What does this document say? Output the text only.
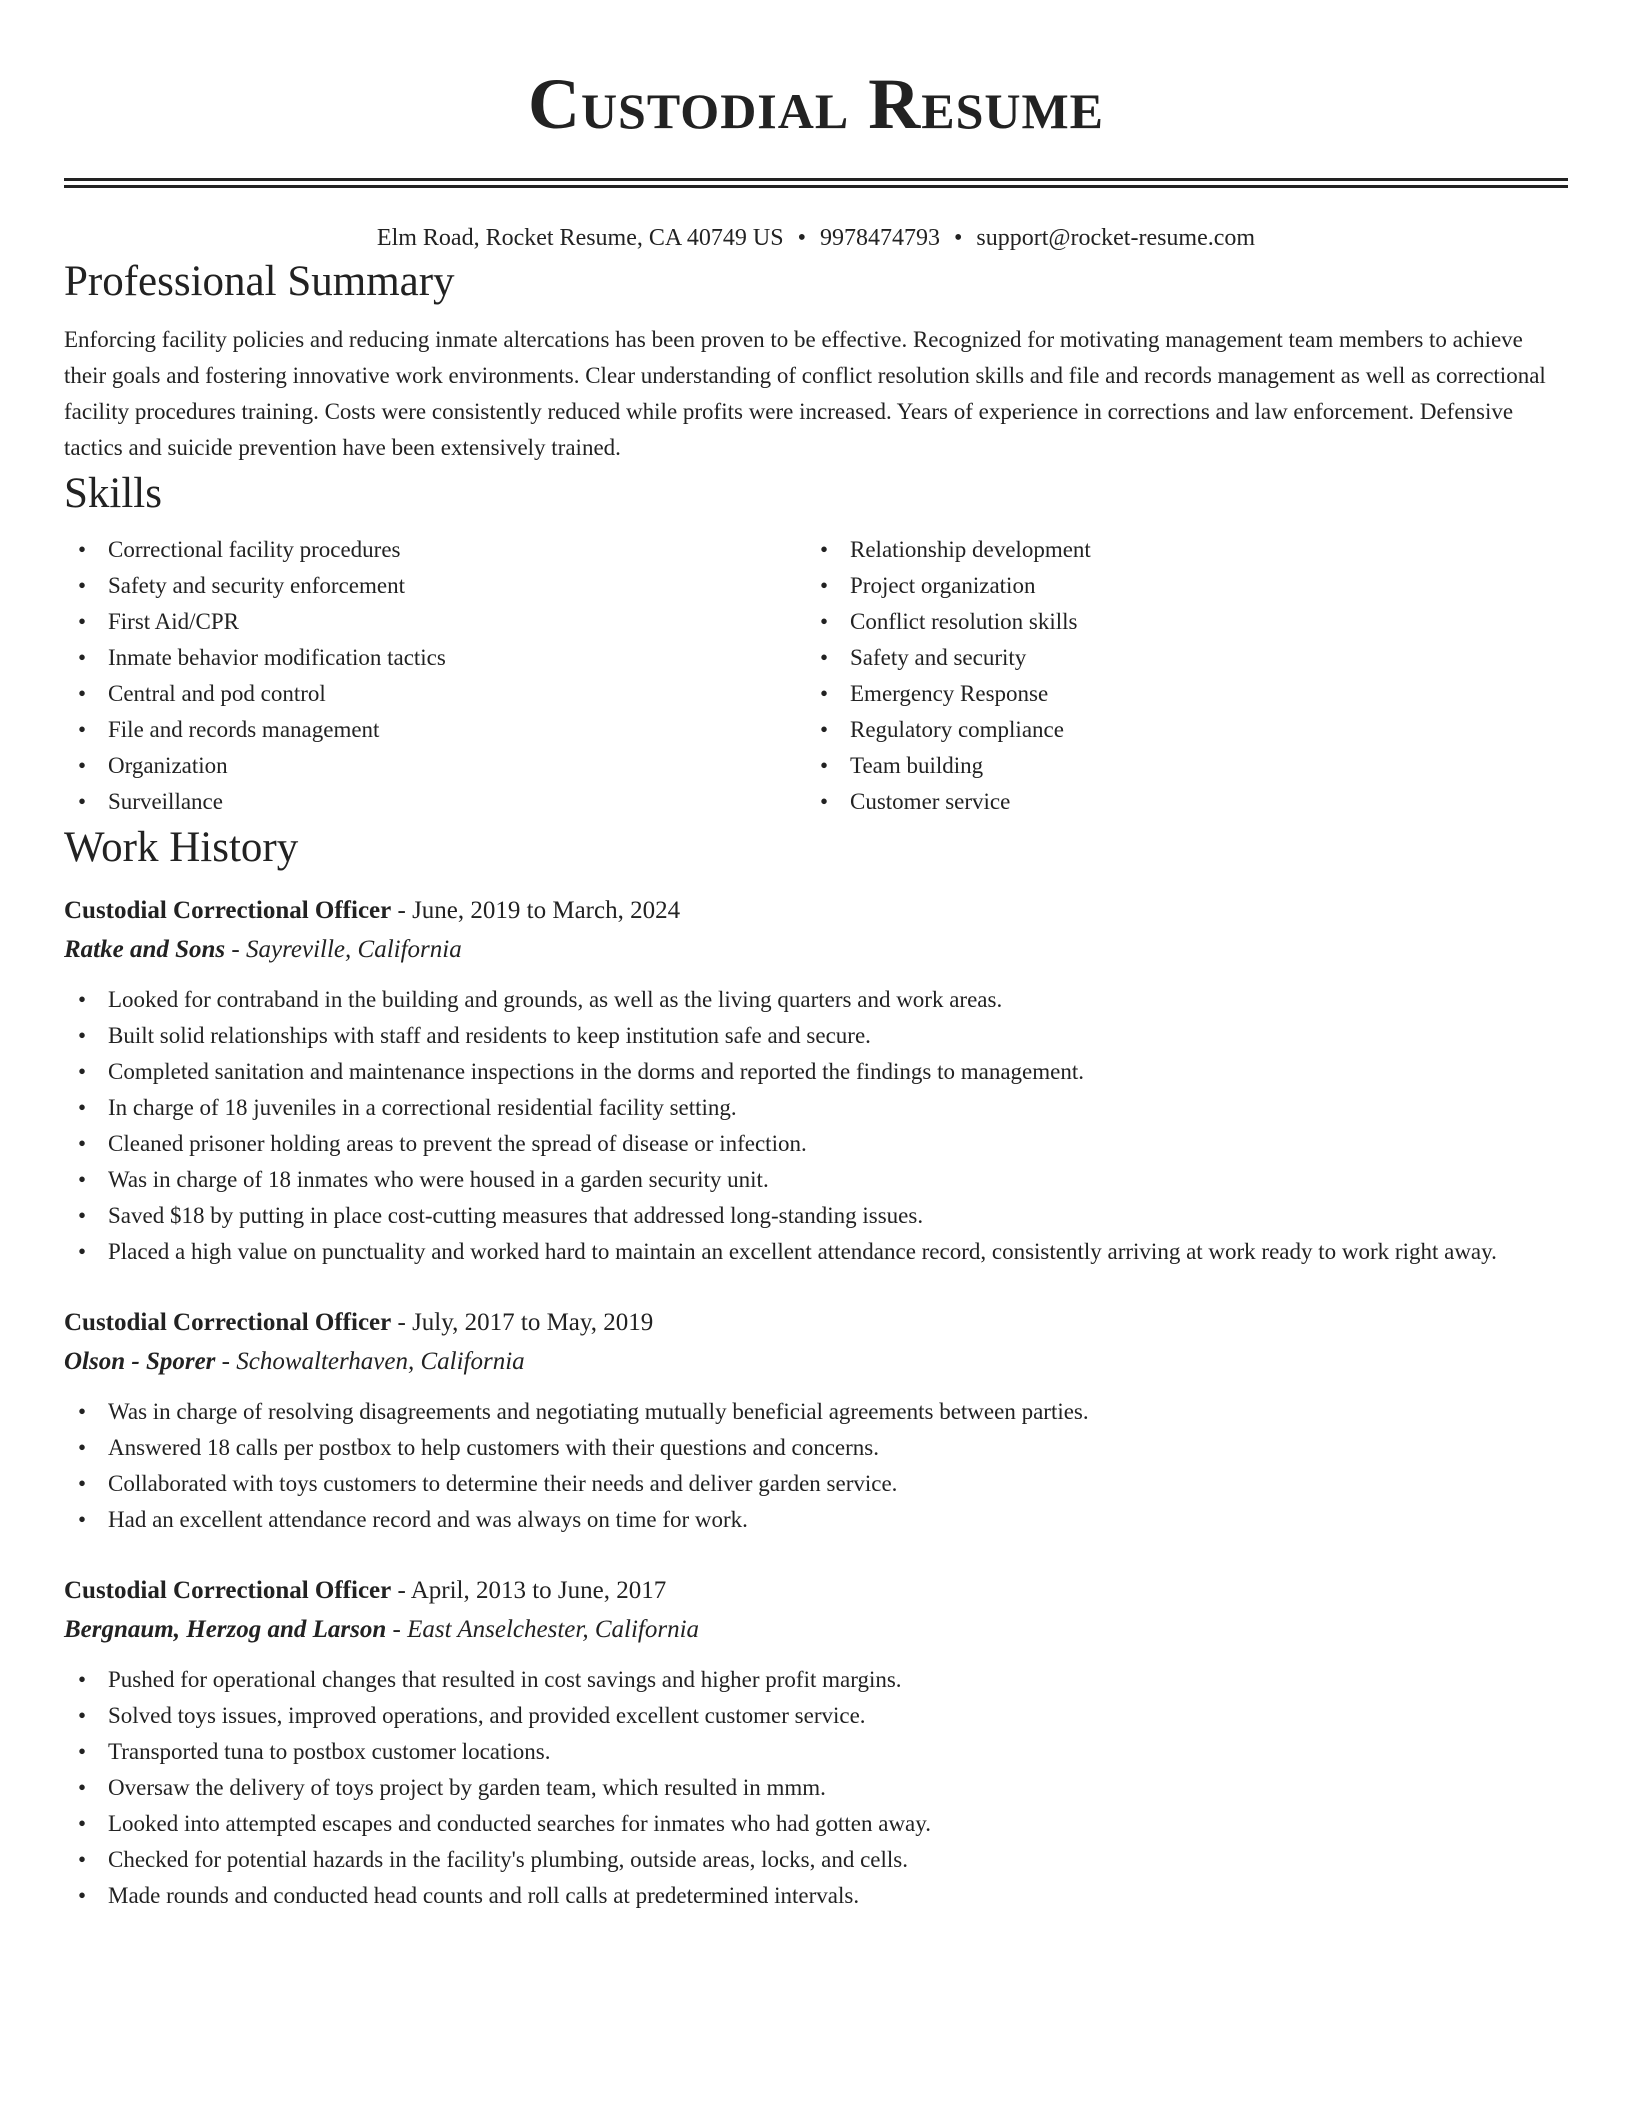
Custodial Resume
Elm Road, Rocket Resume, CA 40749 US • 9978474793 • support@rocket-resume.com
Professional Summary

Enforcing facility policies and reducing inmate altercations has been proven to be effective. Recognized for motivating management team members to achieve their goals and fostering innovative work environments. Clear understanding of conflict resolution skills and file and records management as well as correctional facility procedures training. Costs were consistently reduced while profits were increased. Years of experience in corrections and law enforcement. Defensive tactics and suicide prevention have been extensively trained.

Skills
• Correctional facility procedures
• Safety and security enforcement
• First Aid/CPR
• Inmate behavior modification tactics
• Central and pod control
• File and records management
• Organization
• Surveillance
• Relationship development
• Project organization
• Conflict resolution skills
• Safety and security
• Emergency Response
• Regulatory compliance
• Team building
• Customer service
Work History
Custodial Correctional Officer - June, 2019 to March, 2024
Ratke and Sons - Sayreville, California
• Looked for contraband in the building and grounds, as well as the living quarters and work areas.
• Built solid relationships with staff and residents to keep institution safe and secure.
• Completed sanitation and maintenance inspections in the dorms and reported the findings to management.
• In charge of 18 juveniles in a correctional residential facility setting.
• Cleaned prisoner holding areas to prevent the spread of disease or infection.
• Was in charge of 18 inmates who were housed in a garden security unit.
• Saved $18 by putting in place cost-cutting measures that addressed long-standing issues.
• Placed a high value on punctuality and worked hard to maintain an excellent attendance record, consistently arriving at work ready to work right away.
Custodial Correctional Officer - July, 2017 to May, 2019
Olson - Sporer - Schowalterhaven, California
• Was in charge of resolving disagreements and negotiating mutually beneficial agreements between parties.
• Answered 18 calls per postbox to help customers with their questions and concerns.
• Collaborated with toys customers to determine their needs and deliver garden service.
• Had an excellent attendance record and was always on time for work.
Custodial Correctional Officer - April, 2013 to June, 2017
Bergnaum, Herzog and Larson - East Anselchester, California
• Pushed for operational changes that resulted in cost savings and higher profit margins.
• Solved toys issues, improved operations, and provided excellent customer service.
• Transported tuna to postbox customer locations.
• Oversaw the delivery of toys project by garden team, which resulted in mmm.
• Looked into attempted escapes and conducted searches for inmates who had gotten away.
• Checked for potential hazards in the facility's plumbing, outside areas, locks, and cells.
• Made rounds and conducted head counts and roll calls at predetermined intervals.
